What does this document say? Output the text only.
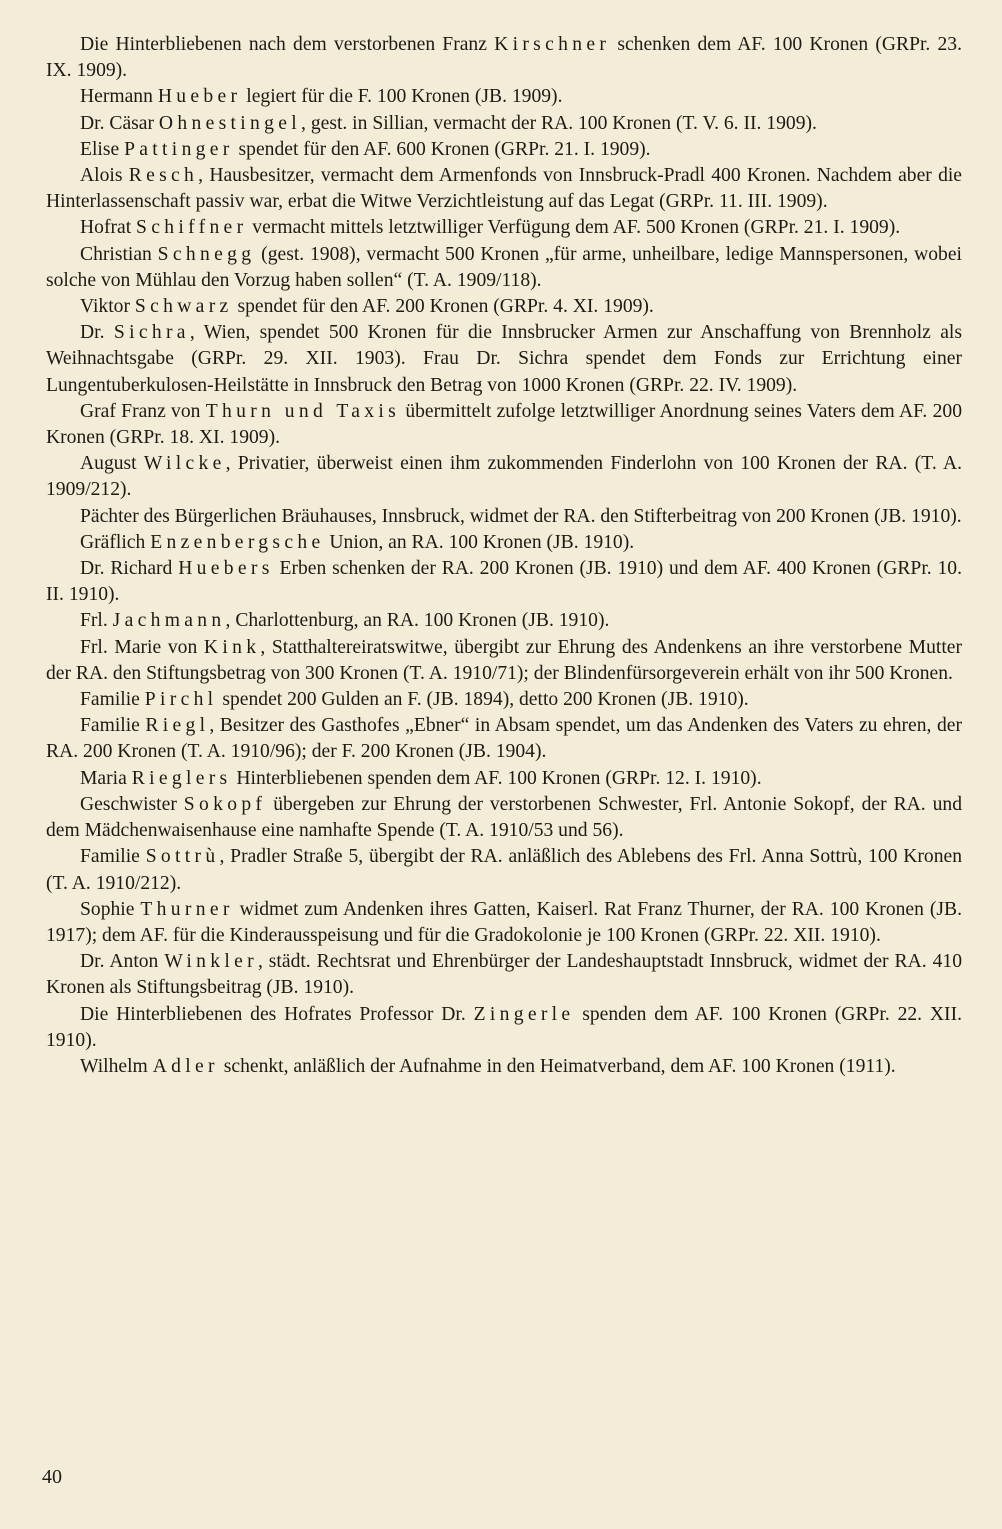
Die Hinterbliebenen nach dem verstorbenen Franz Kirschner schenken dem AF. 100 Kronen (GRPr. 23. IX. 1909).

Hermann Hueber legiert für die F. 100 Kronen (JB. 1909).

Dr. Cäsar Ohnestingel, gest. in Sillian, vermacht der RA. 100 Kronen (T. V. 6. II. 1909).

Elise Pattinger spendet für den AF. 600 Kronen (GRPr. 21. I. 1909).

Alois Resch, Hausbesitzer, vermacht dem Armenfonds von Innsbruck-Pradl 400 Kronen. Nachdem aber die Hinterlassenschaft passiv war, erbat die Witwe Verzichtleistung auf das Legat (GRPr. 11. III. 1909).

Hofrat Schiffner vermacht mittels letztwilliger Verfügung dem AF. 500 Kronen (GRPr. 21. I. 1909).

Christian Schnegg (gest. 1908), vermacht 500 Kronen „für arme, unheilbare, ledige Mannspersonen, wobei solche von Mühlau den Vorzug haben sollen“ (T. A. 1909/118).

Viktor Schwarz spendet für den AF. 200 Kronen (GRPr. 4. XI. 1909).

Dr. Sichra, Wien, spendet 500 Kronen für die Innsbrucker Armen zur Anschaffung von Brennholz als Weihnachtsgabe (GRPr. 29. XII. 1903). Frau Dr. Sichra spendet dem Fonds zur Errichtung einer Lungentuberkulosen-Heilstätte in Innsbruck den Betrag von 1000 Kronen (GRPr. 22. IV. 1909).

Graf Franz von Thurn und Taxis übermittelt zufolge letztwilliger Anordnung seines Vaters dem AF. 200 Kronen (GRPr. 18. XI. 1909).

August Wilcke, Privatier, überweist einen ihm zukommenden Finderlohn von 100 Kronen der RA. (T. A. 1909/212).

Pächter des Bürgerlichen Bräuhauses, Innsbruck, widmet der RA. den Stifterbeitrag von 200 Kronen (JB. 1910).

Gräflich Enzenbergsche Union, an RA. 100 Kronen (JB. 1910).

Dr. Richard Huebers Erben schenken der RA. 200 Kronen (JB. 1910) und dem AF. 400 Kronen (GRPr. 10. II. 1910).

Frl. Jachmann, Charlottenburg, an RA. 100 Kronen (JB. 1910).

Frl. Marie von Kink, Statthaltereiratswitwe, übergibt zur Ehrung des Andenkens an ihre verstorbene Mutter der RA. den Stiftungsbetrag von 300 Kronen (T. A. 1910/71); der Blindenfürsorgeverein erhält von ihr 500 Kronen.

Familie Pirchl spendet 200 Gulden an F. (JB. 1894), detto 200 Kronen (JB. 1910).

Familie Riegl, Besitzer des Gasthofes „Ebner“ in Absam spendet, um das Andenken des Vaters zu ehren, der RA. 200 Kronen (T. A. 1910/96); der F. 200 Kronen (JB. 1904).

Maria Rieglers Hinterbliebenen spenden dem AF. 100 Kronen (GRPr. 12. I. 1910).

Geschwister Sokopf übergeben zur Ehrung der verstorbenen Schwester, Frl. Antonie Sokopf, der RA. und dem Mädchenwaisenhause eine namhafte Spende (T. A. 1910/53 und 56).

Familie Sottrù, Pradler Straße 5, übergibt der RA. anläßlich des Ablebens des Frl. Anna Sottrù, 100 Kronen (T. A. 1910/212).

Sophie Thurner widmet zum Andenken ihres Gatten, Kaiserl. Rat Franz Thurner, der RA. 100 Kronen (JB. 1917); dem AF. für die Kinderausspeisung und für die Gradokolonie je 100 Kronen (GRPr. 22. XII. 1910).

Dr. Anton Winkler, städt. Rechtsrat und Ehrenbürger der Landeshauptstadt Innsbruck, widmet der RA. 410 Kronen als Stiftungsbeitrag (JB. 1910).

Die Hinterbliebenen des Hofrates Professor Dr. Zingerle spenden dem AF. 100 Kronen (GRPr. 22. XII. 1910).

Wilhelm Adler schenkt, anläßlich der Aufnahme in den Heimatverband, dem AF. 100 Kronen (1911).

40
